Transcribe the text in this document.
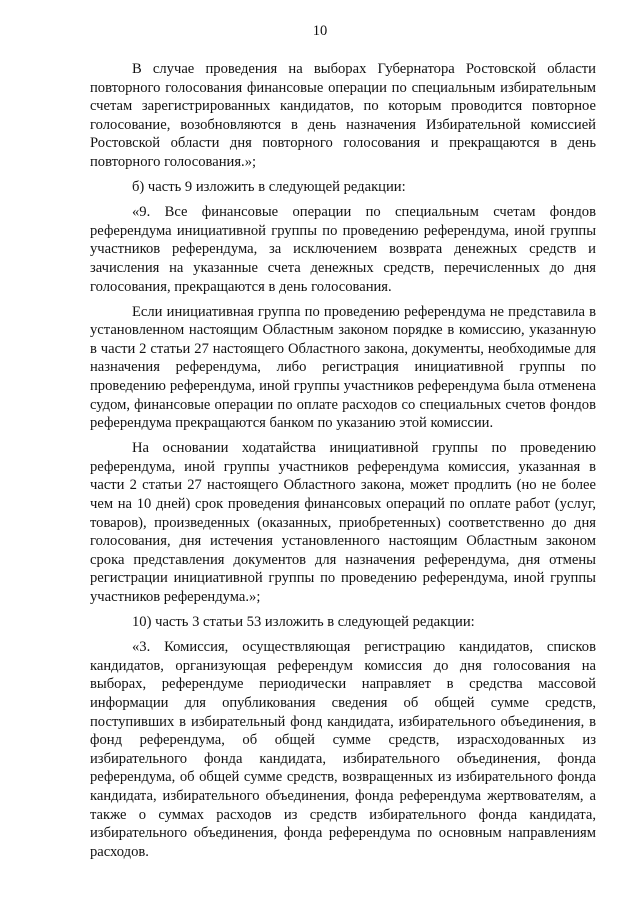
10

В случае проведения на выборах Губернатора Ростовской области повторного голосования финансовые операции по специальным избирательным счетам зарегистрированных кандидатов, по которым проводится повторное голосование, возобновляются в день назначения Избирательной комиссией Ростовской области дня повторного голосования и прекращаются в день повторного голосования.»;

б) часть 9 изложить в следующей редакции:

«9. Все финансовые операции по специальным счетам фондов референдума инициативной группы по проведению референдума, иной группы участников референдума, за исключением возврата денежных средств и зачисления на указанные счета денежных средств, перечисленных до дня голосования, прекращаются в день голосования.

Если инициативная группа по проведению референдума не представила в установленном настоящим Областным законом порядке в комиссию, указанную в части 2 статьи 27 настоящего Областного закона, документы, необходимые для назначения референдума, либо регистрация инициативной группы по проведению референдума, иной группы участников референдума была отменена судом, финансовые операции по оплате расходов со специальных счетов фондов референдума прекращаются банком по указанию этой комиссии.

На основании ходатайства инициативной группы по проведению референдума, иной группы участников референдума комиссия, указанная в части 2 статьи 27 настоящего Областного закона, может продлить (но не более чем на 10 дней) срок проведения финансовых операций по оплате работ (услуг, товаров), произведенных (оказанных, приобретенных) соответственно до дня голосования, дня истечения установленного настоящим Областным законом срока представления документов для назначения референдума, дня отмены регистрации инициативной группы по проведению референдума, иной группы участников референдума.»;

10) часть 3 статьи 53 изложить в следующей редакции:

«3. Комиссия, осуществляющая регистрацию кандидатов, списков кандидатов, организующая референдум комиссия до дня голосования на выборах, референдуме периодически направляет в средства массовой информации для опубликования сведения об общей сумме средств, поступивших в избирательный фонд кандидата, избирательного объединения, в фонд референдума, об общей сумме средств, израсходованных из избирательного фонда кандидата, избирательного объединения, фонда референдума, об общей сумме средств, возвращенных из избирательного фонда кандидата, избирательного объединения, фонда референдума жертвователям, а также о суммах расходов из средств избирательного фонда кандидата, избирательного объединения, фонда референдума по основным направлениям расходов.
